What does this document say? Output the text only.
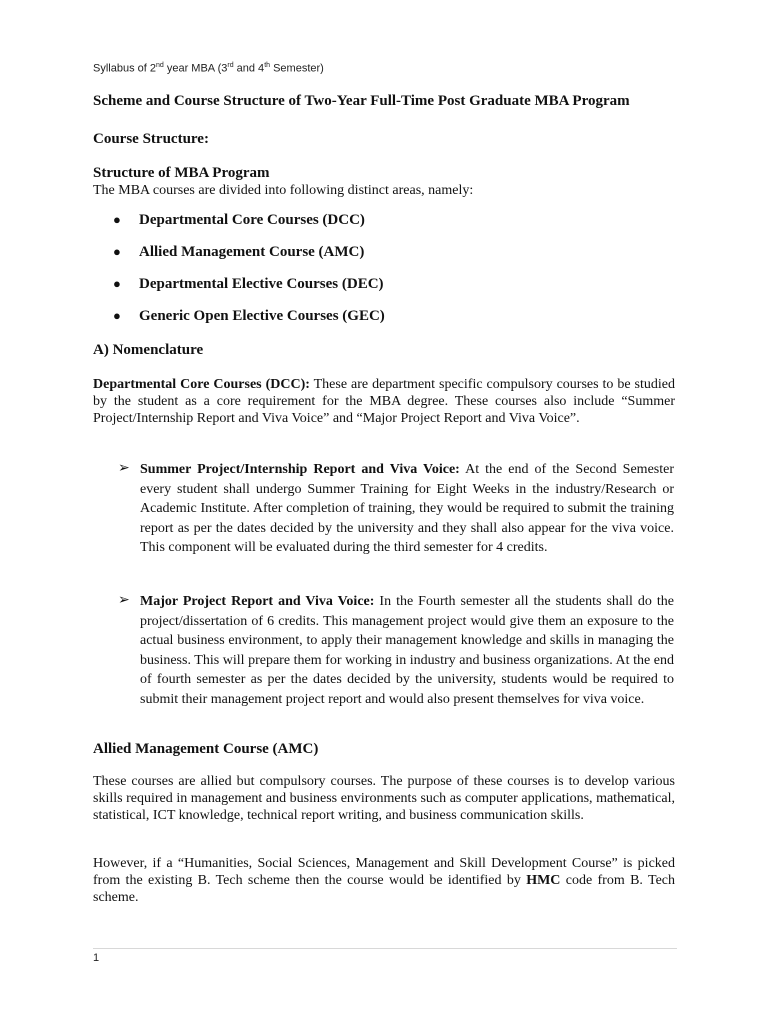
Syllabus of 2nd year MBA (3rd and 4th Semester)
Scheme and Course Structure of Two-Year Full-Time Post Graduate MBA Program
Course Structure:
Structure of MBA Program
The MBA courses are divided into following distinct areas, namely:
● Departmental Core Courses (DCC)
● Allied Management Course (AMC)
● Departmental Elective Courses (DEC)
● Generic Open Elective Courses (GEC)
A) Nomenclature
Departmental Core Courses (DCC): These are department specific compulsory courses to be studied by the student as a core requirement for the MBA degree. These courses also include “Summer Project/Internship Report and Viva Voice” and “Major Project Report and Viva Voice”.
➢ Summer Project/Internship Report and Viva Voice: At the end of the Second Semester every student shall undergo Summer Training for Eight Weeks in the industry/Research or Academic Institute. After completion of training, they would be required to submit the training report as per the dates decided by the university and they shall also appear for the viva voice. This component will be evaluated during the third semester for 4 credits.
➢ Major Project Report and Viva Voice: In the Fourth semester all the students shall do the project/dissertation of 6 credits. This management project would give them an exposure to the actual business environment, to apply their management knowledge and skills in managing the business. This will prepare them for working in industry and business organizations. At the end of fourth semester as per the dates decided by the university, students would be required to submit their management project report and would also present themselves for viva voice.
Allied Management Course (AMC)
These courses are allied but compulsory courses. The purpose of these courses is to develop various skills required in management and business environments such as computer applications, mathematical, statistical, ICT knowledge, technical report writing, and business communication skills.
However, if a “Humanities, Social Sciences, Management and Skill Development Course” is picked from the existing B. Tech scheme then the course would be identified by HMC code from B. Tech scheme.
1
